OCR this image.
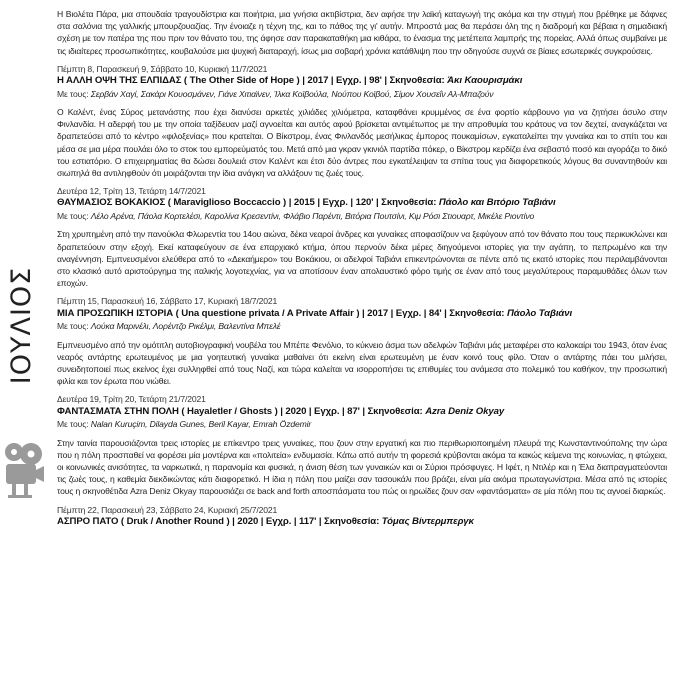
ΙΟΥΛΙΟΣ

Η Βιολέτα Πάρα, μια σπουδαία τραγουδίστρια και ποιήτρια, μια γνήσια ακτιβίστρια, δεν αφήσε την λαϊκή καταγωγή της ακόμα και την στιγμή που βρέθηκε με δάφνες στα σαλόνια της γαλλικής μπουρζουαζίας. Την ένοιαζε η τέχνη της, και το πάθος της γι' αυτήν. Μπροστά μας θα περάσει όλη της η διαδρομή και βέβαια η σημαδιακή σχέση με τον πατέρα της που πριν τον θάνατο του, της άφησε σαν παρακαταθήκη μια κιθάρα, το ένασμα της μετέπειτα λαμπρής της πορείας. Αλλά όπως συμβαίνει με τις ιδιαίτερες προσωπικότητες, κουβαλούσε μια ψυχική διαταραχή, ίσως μια σοβαρή χρόνια κατάθλιψη που την οδηγούσε συχνά σε βίαιες εσωτερικές συγκρούσεις.

Πέμπτη 8, Παρασκευή 9, Σάββατο 10, Κυριακή 11/7/2021
Η ΑΛΛΗ ΟΨΗ ΤΗΣ ΕΛΠΙΔΑΣ ( The Other Side of Hope ) | 2017 | Εγχρ. | 98' | Σκηνοθεσία: Άκι Καουρισμάκι
Με τους: Σερβάν Χαγί, Σακάρι Κουοσμάνεν, Γιάνε Χιτιαϊνεν, Ίλκα Κοϊβούλα, Νούπου Κοϊβού, Σίμον Χουσεΐν Αλ-Μπαζούν

Ο Καλέντ, ένας Σύρος μετανάστης που έχει διανύσει αρκετές χιλιάδες χιλιόμετρα, καταφθάνει κρυμμένος σε ένα φορτίο κάρβουνο για να ζητήσει άσυλο στην Φινλανδία. Η αδερφή του με την οποία ταξίδευαν μαζί αγνοείται και αυτός αφού βρίσκεται αντιμέτωπος με την απροθυμία του κράτους να τον δεχτεί, αναγκάζεται να δραπετεύσει από το κέντρο «φιλοξενίας» που κρατείται. Ο Βίκστρομ, ένας Φινλανδός μεσήλικας έμπορος πουκαμίσων, εγκαταλείπει την γυναίκα και το σπίτι του και μέσα σε μια μέρα πουλάει όλο το στοκ του εμπορεύματός του. Μετά από μια γκραν γκινιόλ παρτίδα πόκερ, ο Βίκστρομ κερδίζει ένα σεβαστό ποσό και αγοράζει το δικό του εστιατόριο. Ο επιχειρηματίας θα δώσει δουλειά στον Καλέντ και έτσι δύο άντρες που εγκατέλειψαν τα σπίτια τους για διαφορετικούς λόγους θα συναντηθούν και σιωπηλά θα αντιληφθούν ότι μοιράζονται την ίδια ανάγκη να αλλάξουν τις ζωές τους.

Δευτέρα 12, Τρίτη 13, Τετάρτη 14/7/2021
ΘΑΥΜΑΣΙΟΣ ΒΟΚΑΚΙΟΣ ( Maraviglioso Boccaccio ) | 2015 | Εγχρ. | 120' | Σκηνοθεσία: Πάολο και Βιτόριο Ταβιάνι
Με τους: Λέλο Αρένα, Πάολα Κορτελέσι, Καρολίνα Κρεσεντίνι, Φλάβιο Παρέντι, Βιτόρια Πουτσίνι, Κιμ Ρόσι Στιουαρτ, Μικέλε Ριοντίνο

Στη χρυπημένη από την πανούκλα Φλωρεντία του 14ου αιώνα, δέκα νεαροί άνδρες και γυναίκες αποφασίζουν να ξεφύγουν από τον θάνατο που τους περικυκλώνει και δραπετεύουν στην εξοχή. Εκεί καταφεύγουν σε ένα επαρχιακό κτήμα, όπου περνούν δέκα μέρες διηγούμενοι ιστορίες για την αγάπη, το πεπρωμένο και την αναγέννηση. Εμπνευσμένοι ελεύθερα από το «Δεκαήμερο» του Βοκάκιου, οι αδελφοί Ταβιάνι επικεντρώνονται σε πέντε από τις εκατό ιστορίες που περιλαμβάνονται στο κλασικό αυτό αριστούργημα της ιταλικής λογοτεχνίας, για να αποτίσουν έναν απολαυστικό φόρο τιμής σε έναν από τους μεγαλύτερους παραμυθάδες όλων των εποχών.

Πέμπτη 15, Παρασκευή 16, Σάββατο 17, Κυριακή 18/7/2021
ΜΙΑ ΠΡΟΣΩΠΙΚΗ ΙΣΤΟΡΙΑ ( Una questione privata / A Private Affair ) | 2017 | Εγχρ. | 84' | Σκηνοθεσία: Πάολο Ταβιάνι
Με τους: Λούκα Μαρινέλι, Λορέντζο Ρικέλμι, Βαλεντίνα Μπελέ

Εμπνευσμένο από την ομότιτλη αυτοβιογραφική νουβέλα του Μπέπε Φενόλιο, το κύκνειο άσμα των αδελφών Ταβιάνι μάς μεταφέρει στο καλοκαίρι του 1943, όταν ένας νεαρός αντάρτης ερωτευμένος με μια γοητευτική γυναίκα μαθαίνει ότι εκείνη είναι ερωτευμένη με έναν κοινό τους φίλο. Όταν ο αντάρτης πάει του μιλήσει, συνειδητοποιεί πως εκείνος έχει συλληφθεί από τους Ναζί, και τώρα καλείται να ισορροπήσει τις επιθυμίες του ανάμεσα στο πολεμικό του καθήκον, την προσωπική φιλία και τον έρωτα που νιώθει.

Δευτέρα 19, Τρίτη 20, Τετάρτη 21/7/2021
ΦΑΝΤΑΣΜΑΤΑ ΣΤΗΝ ΠΟΛΗ ( Hayaletler / Ghosts ) | 2020 | Εγχρ. | 87' | Σκηνοθεσία: Azra Deniz Okyay
Με τους: Nalan Kuruçim, Dilayda Gunes, Beril Kayar, Emrah Özdemir

Στην ταινία παρουσιάζονται τρεις ιστορίες με επίκεντρο τρεις γυναίκες, που ζουν στην εργατική και πιο περιθωριοποιημένη πλευρά της Κωνσταντινούπολης την ώρα που η πόλη προσπαθεί να φορέσει μία μοντέρνα και «πολιτεία» ενδυμασία. Κάτω από αυτήν τη φορεσιά κρύβονται ακόμα τα κακώς κείμενα της κοινωνίας, η φτώχεια, οι κοινωνικές ανισότητες, τα ναρκωτικά, η παρανομία και φυσικά, η άνιση θέση των γυναικών και οι Σύριοι πρόσφυγες. Η Ιφέτ, η Ντιλέρ και η Έλα διαπραγματεύονται τις ζωές τους, η καθεμία διεκδικώντας κάτι διαφορετικό. Η ίδια η πόλη που μαίζει σαν τασουκάλι που βράζει, είναι μία ακόμα πρωταγωνίστρια. Μέσα από τις ιστορίες τους η σκηνοθέτιδα Azra Deniz Okyay παρουσιάζει σε back and forth αποσπάσματα του πώς οι ηρωίδες ζουν σαν «φαντάσματα» σε μία πόλη που τις αγνοεί διαρκώς.

Πέμπτη 22, Παρασκευή 23, Σάββατο 24, Κυριακή 25/7/2021
ΑΣΠΡΟ ΠΑΤΟ ( Druk / Another Round ) | 2020 | Εγχρ. | 117' | Σκηνοθεσία: Τόμας Βίντερμπεργκ
